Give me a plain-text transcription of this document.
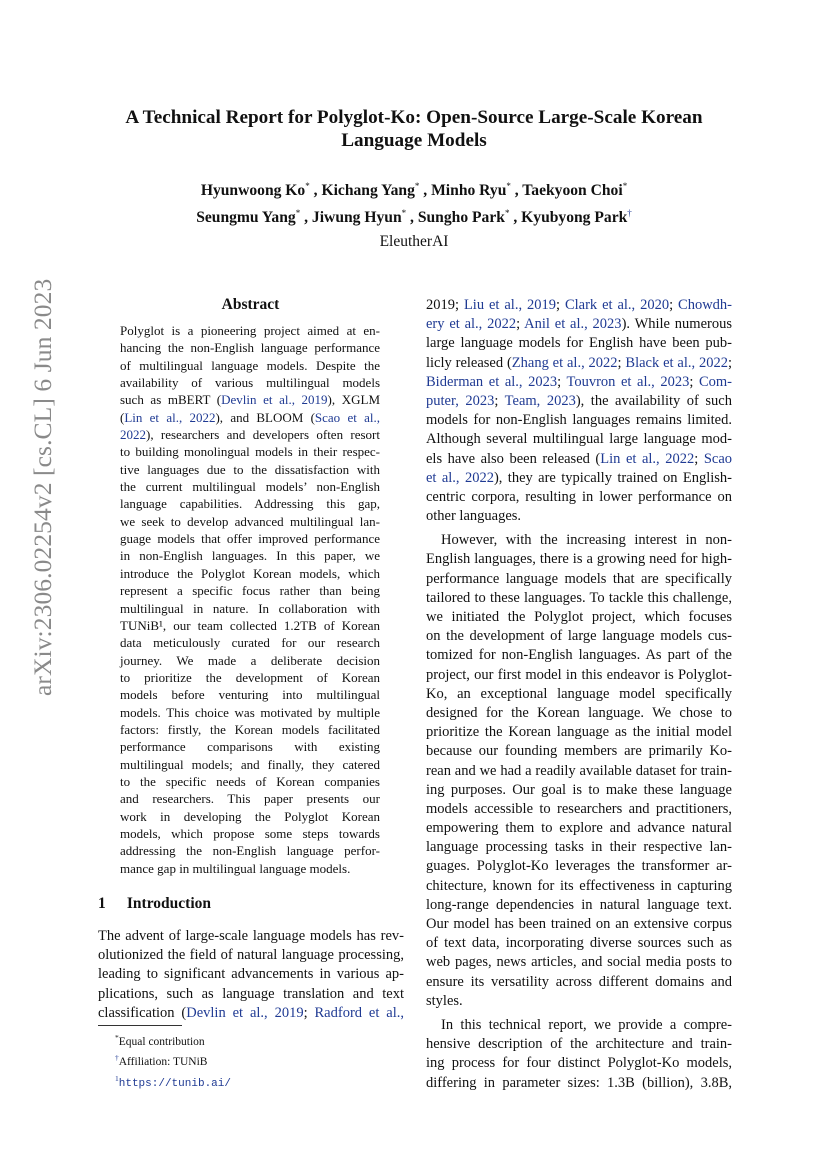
arXiv:2306.02254v2 [cs.CL] 6 Jun 2023
A Technical Report for Polyglot-Ko: Open-Source Large-Scale Korean
Language Models
Hyunwoong Ko* , Kichang Yang* , Minho Ryu* , Taekyoon Choi*
Seungmu Yang* , Jiwung Hyun* , Sungho Park* , Kyubyong Park†
EleutherAI
Abstract
Polyglot is a pioneering project aimed at en-
hancing the non-English language performance
of multilingual language models. Despite the
availability of various multilingual models
such as mBERT (Devlin et al., 2019), XGLM
(Lin et al., 2022), and BLOOM (Scao et al.,
2022), researchers and developers often resort
to building monolingual models in their respec-
tive languages due to the dissatisfaction with
the current multilingual models’ non-English
language capabilities. Addressing this gap,
we seek to develop advanced multilingual lan-
guage models that offer improved performance
in non-English languages. In this paper, we
introduce the Polyglot Korean models, which
represent a specific focus rather than being
multilingual in nature. In collaboration with
TUNiB¹, our team collected 1.2TB of Korean
data meticulously curated for our research
journey. We made a deliberate decision
to prioritize the development of Korean
models before venturing into multilingual
models. This choice was motivated by multiple
factors: firstly, the Korean models facilitated
performance comparisons with existing
multilingual models; and finally, they catered
to the specific needs of Korean companies
and researchers. This paper presents our
work in developing the Polyglot Korean
models, which propose some steps towards
addressing the non-English language perfor-
mance gap in multilingual language models.
1 Introduction
The advent of large-scale language models has rev-
olutionized the field of natural language processing,
leading to significant advancements in various ap-
plications, such as language translation and text
classification (Devlin et al., 2019; Radford et al.,
*Equal contribution
†Affiliation: TUNiB
$^1$https://tunib.ai/
2019; Liu et al., 2019; Clark et al., 2020; Chowdh-
ery et al., 2022; Anil et al., 2023). While numerous
large language models for English have been pub-
licly released (Zhang et al., 2022; Black et al., 2022;
Biderman et al., 2023; Touvron et al., 2023; Com-
puter, 2023; Team, 2023), the availability of such
models for non-English languages remains limited.
Although several multilingual large language mod-
els have also been released (Lin et al., 2022; Scao
et al., 2022), they are typically trained on English-
centric corpora, resulting in lower performance on
other languages.
However, with the increasing interest in non-
English languages, there is a growing need for high-
performance language models that are specifically
tailored to these languages. To tackle this challenge,
we initiated the Polyglot project, which focuses
on the development of large language models cus-
tomized for non-English languages. As part of the
project, our first model in this endeavor is Polyglot-
Ko, an exceptional language model specifically
designed for the Korean language. We chose to
prioritize the Korean language as the initial model
because our founding members are primarily Ko-
rean and we had a readily available dataset for train-
ing purposes. Our goal is to make these language
models accessible to researchers and practitioners,
empowering them to explore and advance natural
language processing tasks in their respective lan-
guages. Polyglot-Ko leverages the transformer ar-
chitecture, known for its effectiveness in capturing
long-range dependencies in natural language text.
Our model has been trained on an extensive corpus
of text data, incorporating diverse sources such as
web pages, news articles, and social media posts to
ensure its versatility across different domains and
styles.
In this technical report, we provide a compre-
hensive description of the architecture and train-
ing process for four distinct Polyglot-Ko models,
differing in parameter sizes: 1.3B (billion), 3.8B,
